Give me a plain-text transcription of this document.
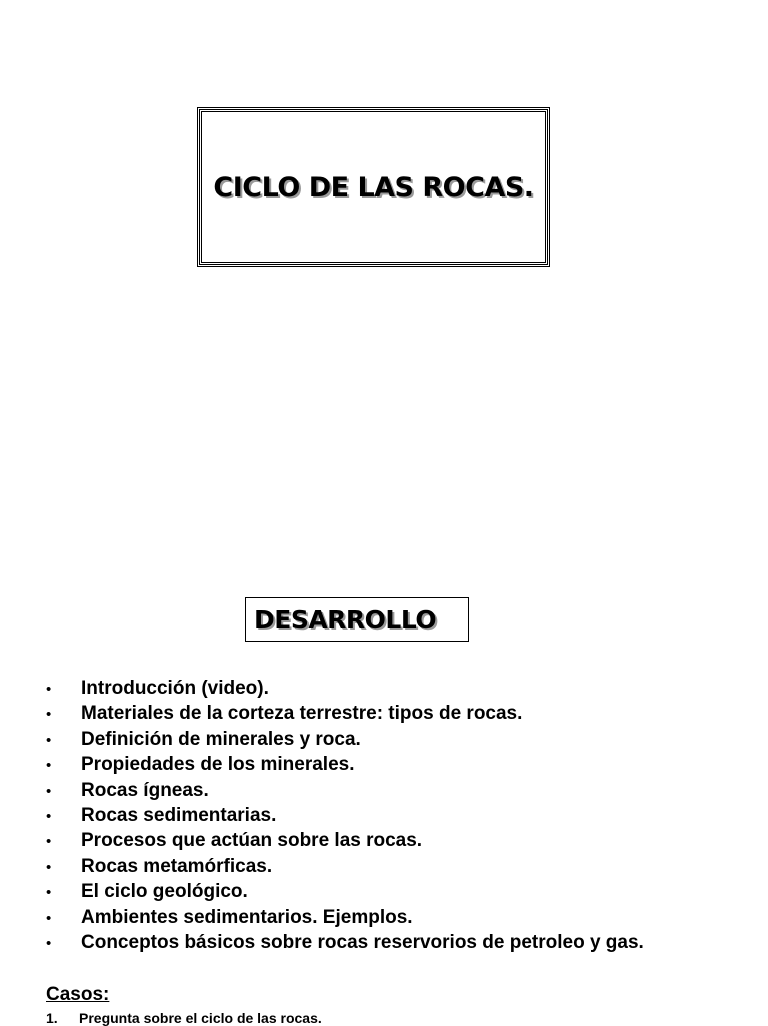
CICLO DE LAS ROCAS.
DESARROLLO
•	Introducción (video).
•	Materiales de la corteza terrestre: tipos de rocas.
•	Definición de minerales y roca.
•	Propiedades de los minerales.
•	Rocas ígneas.
•	Rocas sedimentarias.
•	Procesos que actúan sobre las rocas.
•	Rocas metamórficas.
•	El ciclo geológico.
•	Ambientes sedimentarios. Ejemplos.
•	Conceptos básicos sobre rocas reservorios de petroleo y gas.
Casos:
1.	Pregunta sobre el ciclo de las rocas.
